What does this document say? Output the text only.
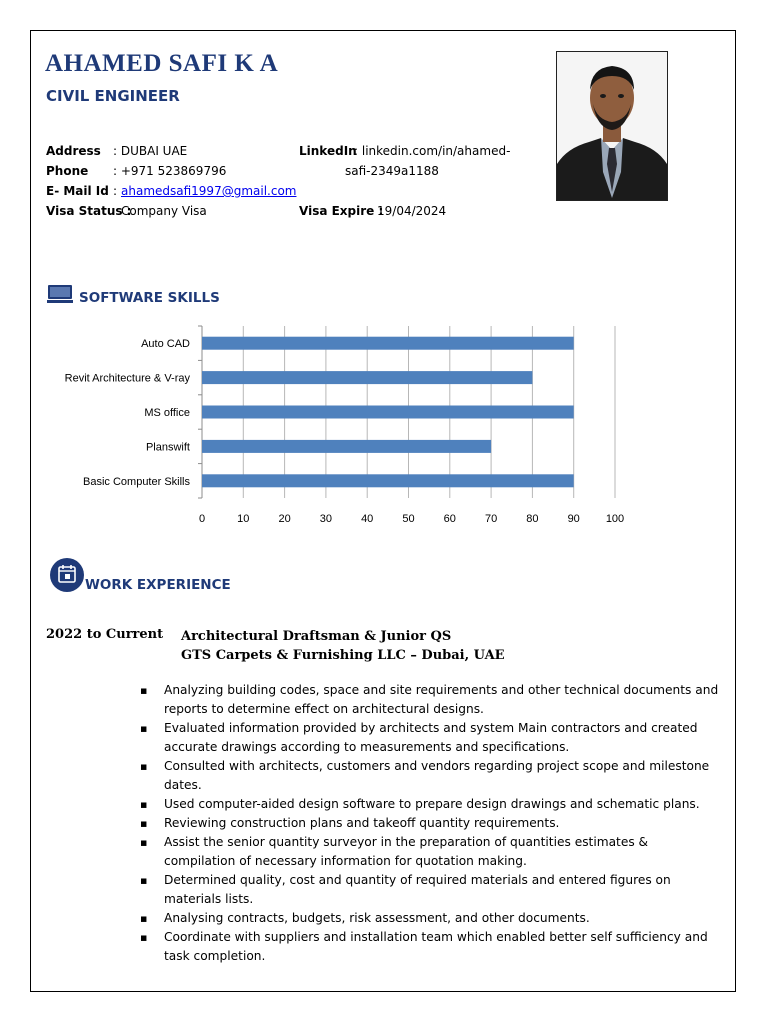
AHAMED SAFI K A
CIVIL ENGINEER
Address : DUBAI UAE
Phone : +971 523869796
E- Mail Id : ahamedsafi1997@gmail.com
Visa Status :
Company Visa
LinkedIn
: linkedin.com/in/ahamed-
safi-2349a1188
Visa Expire :
19/04/2024
SOFTWARE SKILLS
Auto CAD
Revit Architecture & V-ray
MS office
Planswift
Basic Computer Skills
0	10	20	30	40	50	60	70	80	90 100
WORK EXPERIENCE
2022 to Current Architectural Draftsman & Junior QS
GTS Carpets & Furnishing LLC – Dubai, UAE
▪ Analyzing building codes, space and site requirements and other technical documents and reports to determine effect on architectural designs.
▪ Evaluated information provided by architects and system Main contractors and created accurate drawings according to measurements and specifications.
▪ Consulted with architects, customers and vendors regarding project scope and milestone dates.
▪ Used computer-aided design software to prepare design drawings and schematic plans.
▪ Reviewing construction plans and takeoff quantity requirements.
▪ Assist the senior quantity surveyor in the preparation of quantities estimates & compilation of necessary information for quotation making.
▪ Determined quality, cost and quantity of required materials and entered figures on materials lists.
▪ Analysing contracts, budgets, risk assessment, and other documents.
▪ Coordinate with suppliers and installation team which enabled better self sufficiency and task completion.
